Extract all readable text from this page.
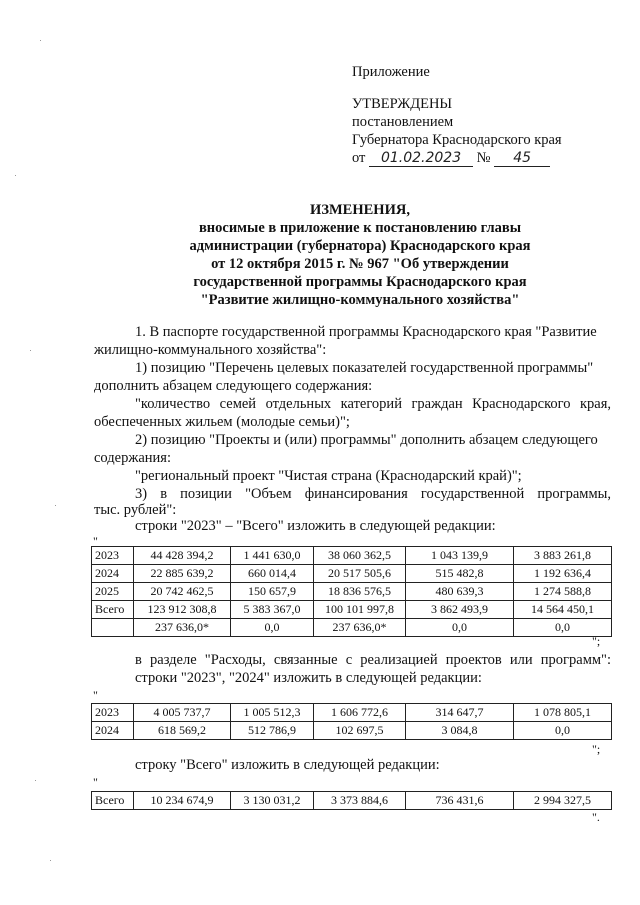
Приложение
УТВЕРЖДЕНЫ
постановлением
Губернатора Краснодарского края
от 01.02.2023 № 45
ИЗМЕНЕНИЯ,
вносимые в приложение к постановлению главы
администрации (губернатора) Краснодарского края
от 12 октября 2015 г. № 967 "Об утверждении
государственной программы Краснодарского края
"Развитие жилищно-коммунального хозяйства"
1. В паспорте государственной программы Краснодарского края "Развитие
жилищно-коммунального хозяйства":
1) позицию "Перечень целевых показателей государственной программы"
дополнить абзацем следующего содержания:
"количество семей отдельных категорий граждан Краснодарского края,
обеспеченных жильем (молодые семьи)";
2) позицию "Проекты и (или) программы" дополнить абзацем следующего
содержания:
"региональный проект "Чистая страна (Краснодарский край)";
3) в позиции "Объем финансирования государственной программы,
тыс. рублей":
строки "2023" – "Всего" изложить в следующей редакции:
"
2023	44 428 394,2	1 441 630,0	38 060 362,5	1 043 139,9	3 883 261,8
2024	22 885 639,2	660 014,4	20 517 505,6	515 482,8	1 192 636,4
2025	20 742 462,5	150 657,9	18 836 576,5	480 639,3	1 274 588,8
Всего	123 912 308,8	5 383 367,0	100 101 997,8	3 862 493,9	14 564 450,1
	237 636,0*	0,0	237 636,0*	0,0	0,0
";
в разделе "Расходы, связанные с реализацией проектов или программ":
строки "2023", "2024" изложить в следующей редакции:
"
2023	4 005 737,7	1 005 512,3	1 606 772,6	314 647,7	1 078 805,1
2024	618 569,2	512 786,9	102 697,5	3 084,8	0,0
";
строку "Всего" изложить в следующей редакции:
"
Всего	10 234 674,9	3 130 031,2	3 373 884,6	736 431,6	2 994 327,5
".
